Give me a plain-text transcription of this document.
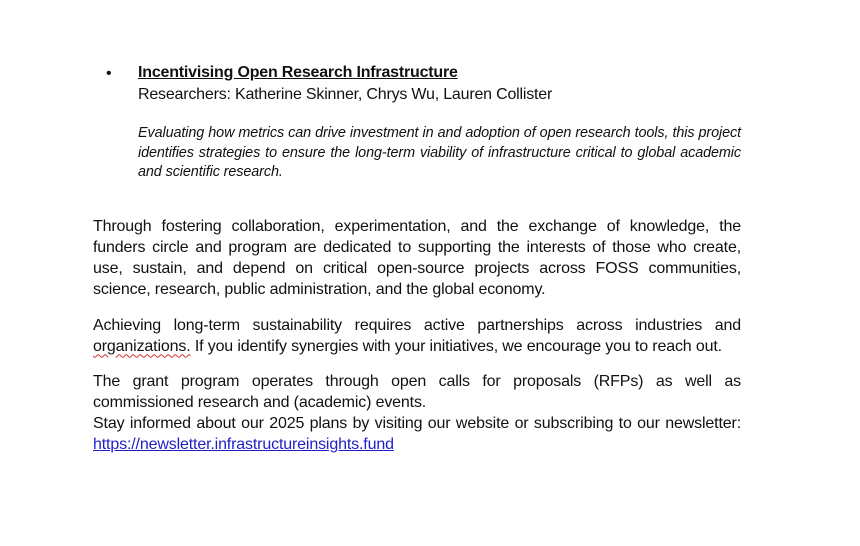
• Incentivising Open Research Infrastructure
Researchers: Katherine Skinner, Chrys Wu, Lauren Collister
Evaluating how metrics can drive investment in and adoption of open research tools, this project identifies strategies to ensure the long-term viability of infrastructure critical to global academic and scientific research.

Through fostering collaboration, experimentation, and the exchange of knowledge, the funders circle and program are dedicated to supporting the interests of those who create, use, sustain, and depend on critical open-source projects across FOSS communities, science, research, public administration, and the global economy.

Achieving long-term sustainability requires active partnerships across industries and organizations. If you identify synergies with your initiatives, we encourage you to reach out.

The grant program operates through open calls for proposals (RFPs) as well as commissioned research and (academic) events.

Stay informed about our 2025 plans by visiting our website or subscribing to our newsletter: https://newsletter.infrastructureinsights.fund
